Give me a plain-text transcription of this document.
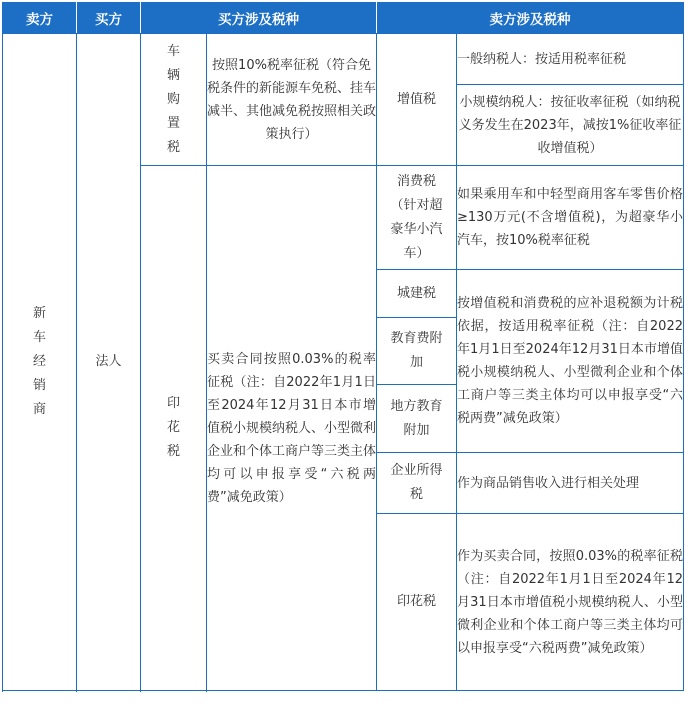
卖方	买方	买方涉及税种		卖方涉及税种	
新车经销商	法人	车辆购置税	按照10%税率征税（符合免税条件的新能源车免税、挂车减半、其他减免税按照相关政策执行）	增值税	一般纳税人：按适用税率征税
					小规模纳税人：按征收率征税（如纳税义务发生在2023年，减按1%征收率征收增值税）
		印花税	买卖合同按照0.03%的税率征税（注：自2022年1月1日至2024年12月31日本市增值税小规模纳税人、小型微利企业和个体工商户等三类主体均可以申报享受“六税两费”减免政策）	消费税（针对超豪华小汽车）	如果乘用车和中轻型商用客车零售价格≥130万元(不含增值税)，为超豪华小汽车，按10%税率征税
				城建税	按增值税和消费税的应补退税额为计税依据，按适用税率征税（注：自2022年1月1日至2024年12月31日本市增值税小规模纳税人、小型微利企业和个体工商户等三类主体均可以申报享受“六税两费”减免政策）
				教育费附加	
				地方教育附加	
				企业所得税	作为商品销售收入进行相关处理
				印花税	作为买卖合同，按照0.03%的税率征税（注：自2022年1月1日至2024年12月31日本市增值税小规模纳税人、小型微利企业和个体工商户等三类主体均可以申报享受“六税两费”减免政策）
